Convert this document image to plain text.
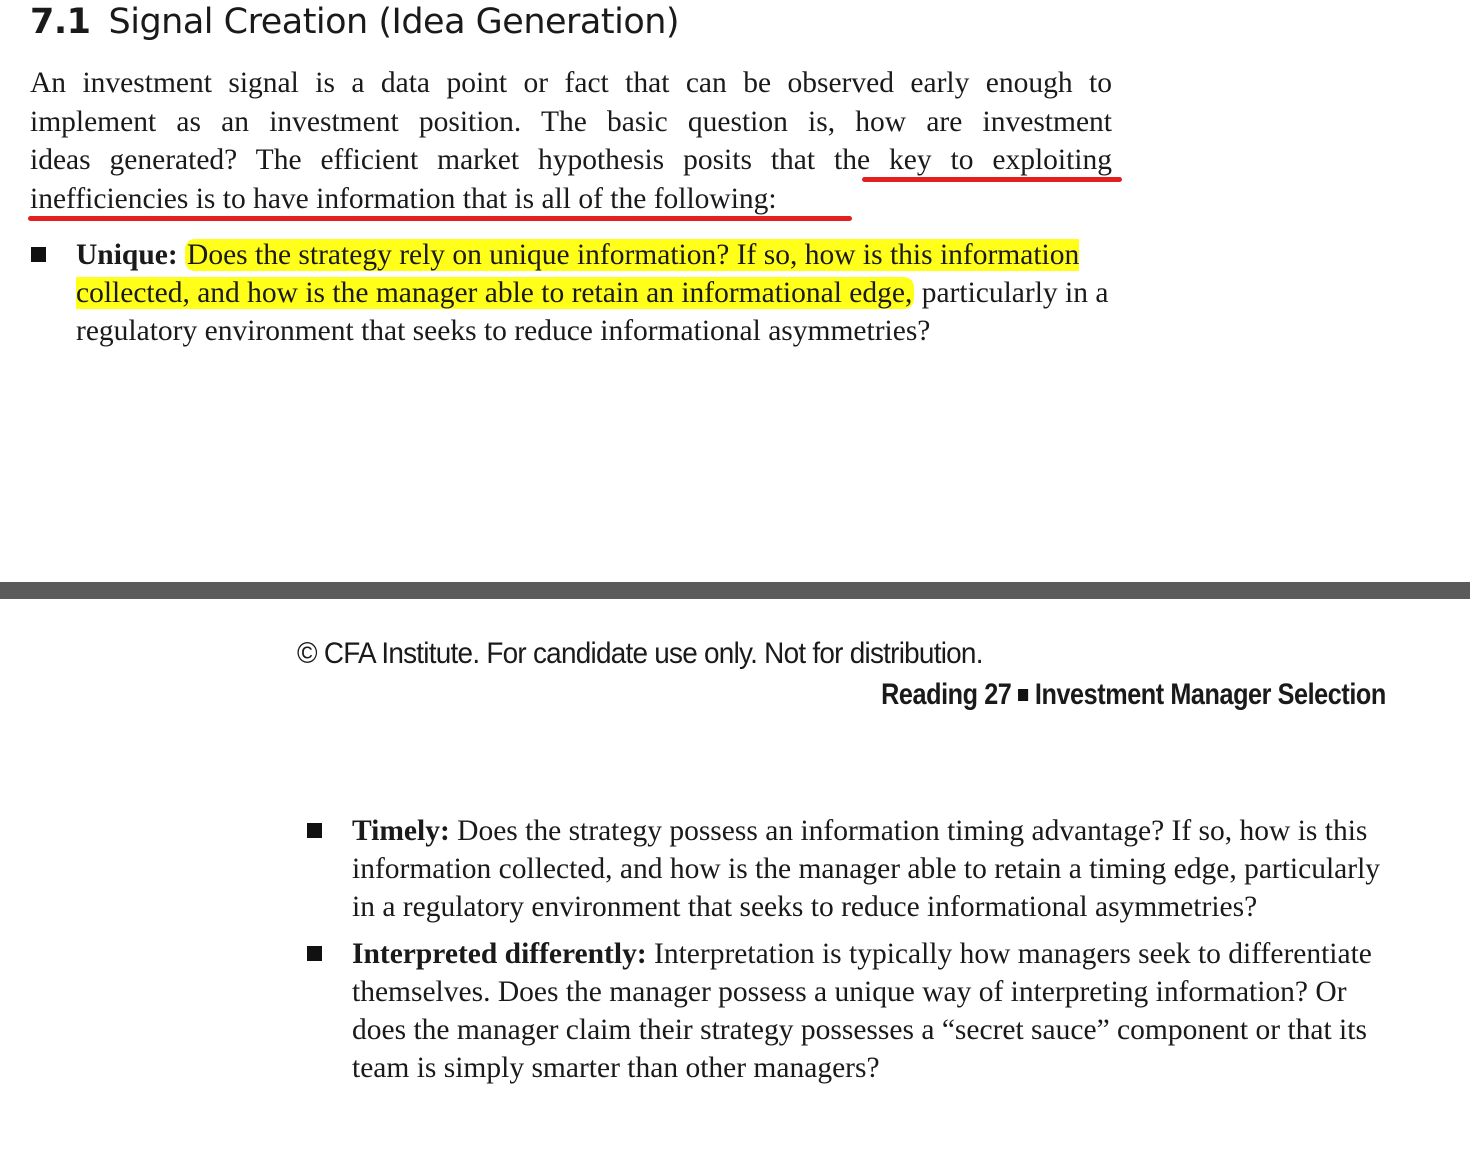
7.1 Signal Creation (Idea Generation)
An investment signal is a data point or fact that can be observed early enough to
implement as an investment position. The basic question is, how are investment
ideas generated? The efficient market hypothesis posits that the key to exploiting
inefficiencies is to have information that is all of the following:
Unique: Does the strategy rely on unique information? If so, how is this information collected, and how is the manager able to retain an informational edge, particularly in a regulatory environment that seeks to reduce informational asymmetries?

© CFA Institute. For candidate use only. Not for distribution.

Reading 27 Investment Manager Selection

Timely: Does the strategy possess an information timing advantage? If so, how is this information collected, and how is the manager able to retain a timing edge, particularly in a regulatory environment that seeks to reduce informational asymmetries?
Interpreted differently: Interpretation is typically how managers seek to differentiate themselves. Does the manager possess a unique way of interpreting information? Or does the manager claim their strategy possesses a “secret sauce” component or that its team is simply smarter than other managers?
